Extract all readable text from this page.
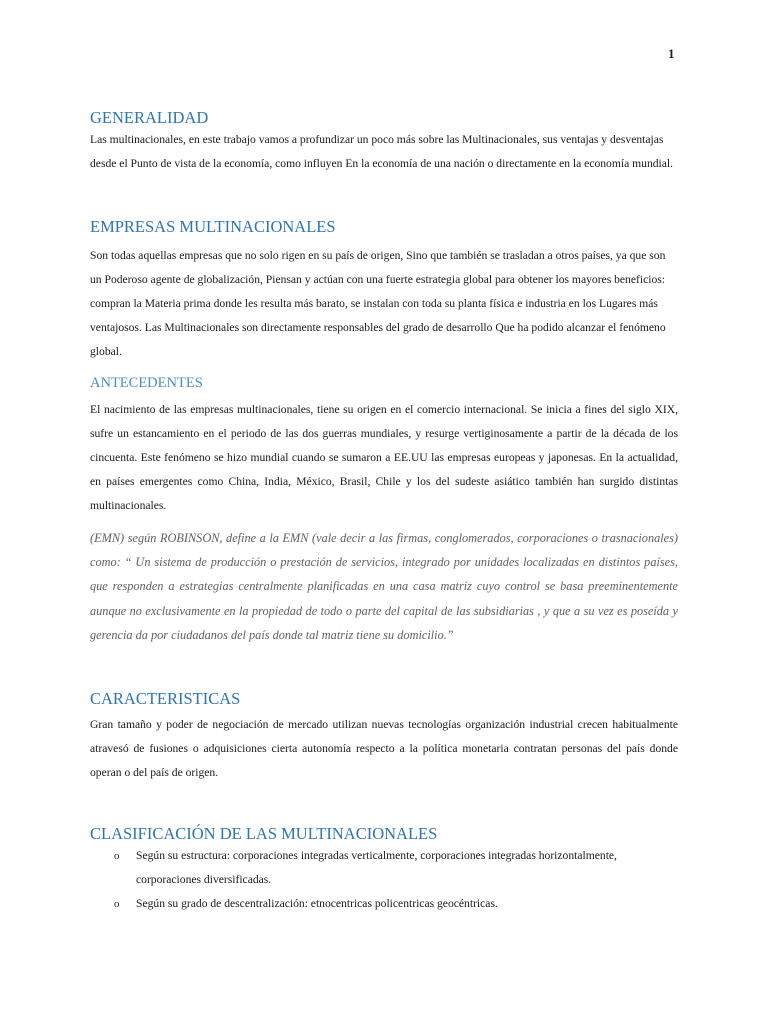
1
GENERALIDAD

Las multinacionales, en este trabajo vamos a profundizar un poco más sobre las Multinacionales, sus ventajas y desventajas desde el Punto de vista de la economía, como influyen En la economía de una nación o directamente en la economía mundial.

EMPRESAS MULTINACIONALES

Son todas aquellas empresas que no solo rigen en su país de origen, Sino que también se trasladan a otros países, ya que son un Poderoso agente de globalización, Piensan y actúan con una fuerte estrategia global para obtener los mayores beneficios: compran la Materia prima donde les resulta más barato, se instalan con toda su planta física e industria en los Lugares más ventajosos. Las Multinacionales son directamente responsables del grado de desarrollo Que ha podido alcanzar el fenómeno global.

ANTECEDENTES

El nacimiento de las empresas multinacionales, tiene su origen en el comercio internacional. Se inicia a fines del siglo XIX, sufre un estancamiento en el periodo de las dos guerras mundiales, y resurge vertiginosamente a partir de la década de los cincuenta. Este fenómeno se hizo mundial cuando se sumaron a EE.UU las empresas europeas y japonesas. En la actualidad, en países emergentes como China, India, México, Brasil, Chile y los del sudeste asiático también han surgido distintas multinacionales.

(EMN) según ROBINSON, define a la EMN (vale decir a las firmas, conglomerados, corporaciones o trasnacionales) como: “ Un sistema de producción o prestación de servicios, integrado por unidades localizadas en distintos países, que responden a estrategias centralmente planificadas en una casa matriz cuyo control se basa preeminentemente aunque no exclusivamente en la propiedad de todo o parte del capital de las subsidiarias , y que a su vez es poseída y gerencia da por ciudadanos del país donde tal matriz tiene su domicilio.”

CARACTERISTICAS

Gran tamaño y poder de negociación de mercado utilizan nuevas tecnologías organización industrial crecen habitualmente atravesó de fusiones o adquisiciones cierta autonomía respecto a la política monetaria contratan personas del país donde operan o del país de origen.

CLASIFICACIÓN DE LAS MULTINACIONALES
o Según su estructura: corporaciones integradas verticalmente, corporaciones integradas horizontalmente, corporaciones diversificadas.
o Según su grado de descentralización: etnocentricas policentricas geocéntricas.
